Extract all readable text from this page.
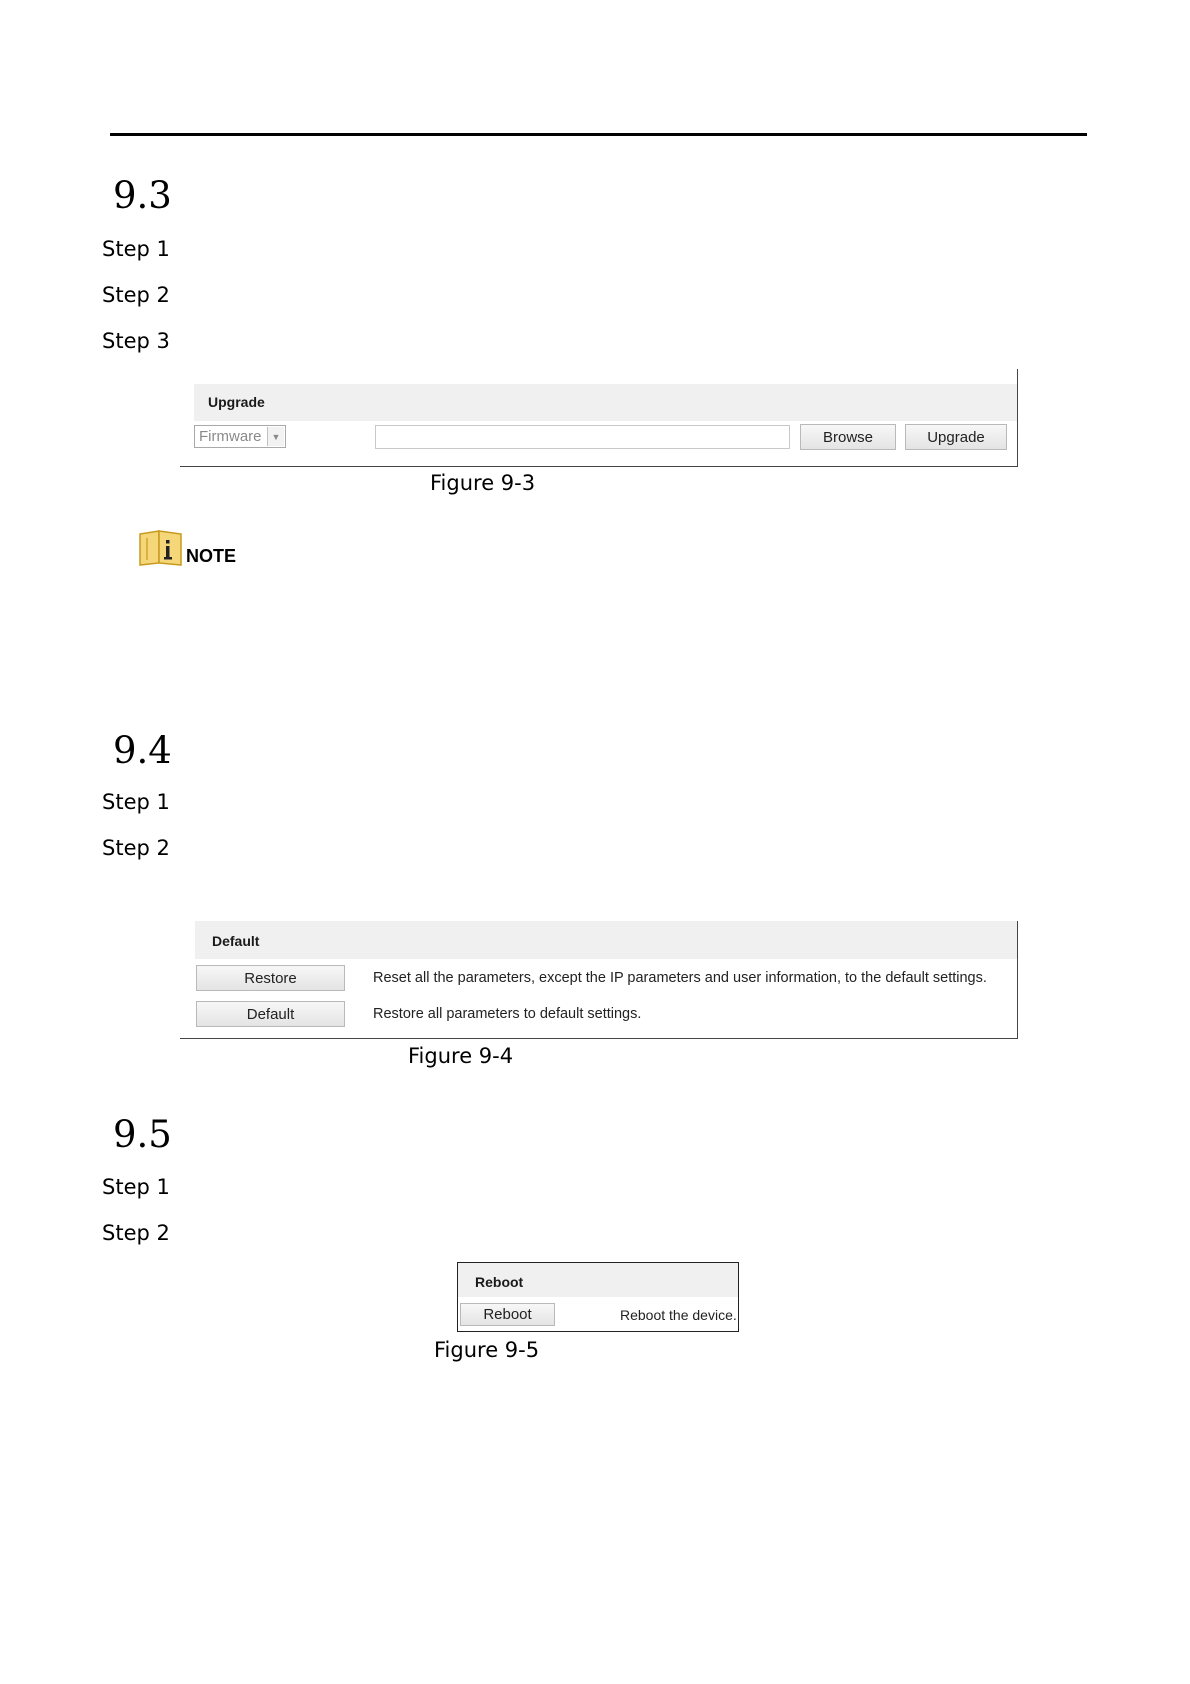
9.3
Step 1
Step 2
Step 3
Upgrade
Firmware	▼	Browse	Upgrade
Figure 9-3
NOTE
9.4
Step 1
Step 2
Default
Restore	Reset all the parameters, except the IP parameters and user information, to the default settings.
Default	Restore all parameters to default settings.
Figure 9-4
9.5
Step 1
Step 2
Reboot
Reboot	Reboot the device.
Figure 9-5
